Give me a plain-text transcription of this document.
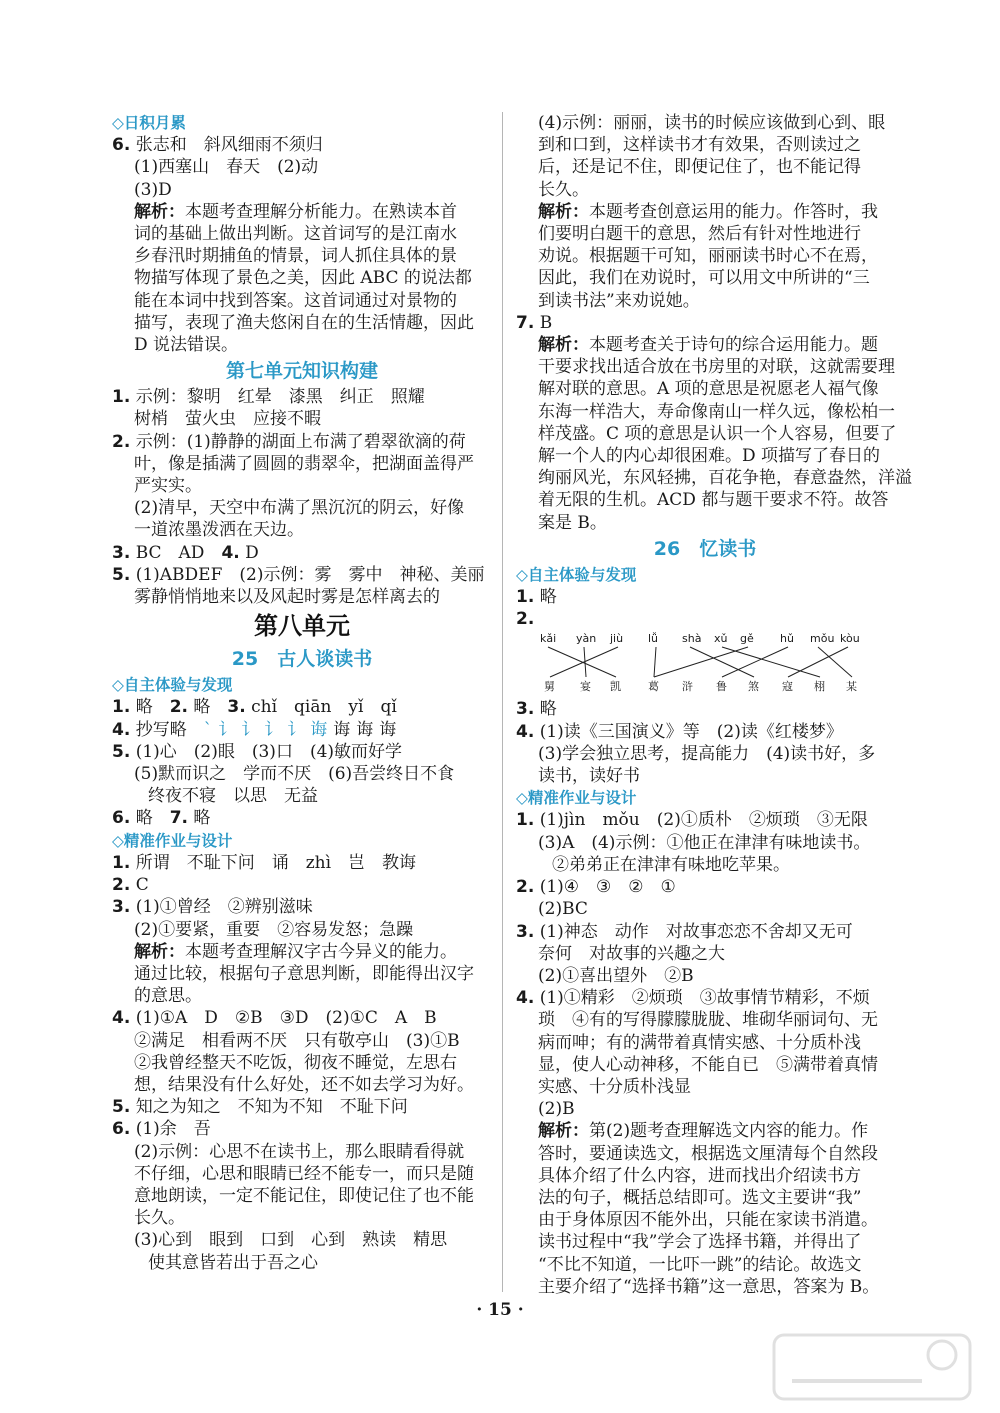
◇日积月累
6. 张志和　斜风细雨不须归
(1)西塞山　春天　(2)动
(3)D
解析：本题考查理解分析能力。在熟读本首
词的基础上做出判断。这首词写的是江南水
乡春汛时期捕鱼的情景，词人抓住具体的景
物描写体现了景色之美，因此 ABC 的说法都
能在本词中找到答案。这首词通过对景物的
描写，表现了渔夫悠闲自在的生活情趣，因此
D 说法错误。
第七单元知识构建
1. 示例：黎明　红晕　漆黑　纠正　照耀
树梢　萤火虫　应接不暇
2. 示例：(1)静静的湖面上布满了碧翠欲滴的荷
叶，像是插满了圆圆的翡翠伞，把湖面盖得严
严实实。
(2)清早，天空中布满了黑沉沉的阴云，好像
一道浓墨泼洒在天边。
3. BC　AD　 4. D
5. (1)ABDEF　(2)示例：雾　雾中　神秘、美丽
雾静悄悄地来以及风起时雾是怎样离去的
第八单元
25　古人谈读书
◇自主体验与发现
1. 略　2. 略　3. chǐ　qiān　yǐ　qǐ
4. 抄写略　 ` 讠 讠 讠 讠 诲 诲 诲 诲
5. (1)心　(2)眼　(3)口　(4)敏而好学
(5)默而识之　学而不厌　(6)吾尝终日不食
终夜不寝　以思　无益
6. 略　7. 略
◇精准作业与设计
1. 所谓　不耻下问　诵　zhì　岂　教诲
2. C
3. (1)①曾经　②辨别滋味
(2)①要紧，重要　②容易发怒；急躁
解析：本题考查理解汉字古今异义的能力。
通过比较，根据句子意思判断，即能得出汉字
的意思。
4. (1)①A　D　②B　③D　(2)①C　A　B
②满足　相看两不厌　只有敬亭山　(3)①B
②我曾经整天不吃饭，彻夜不睡觉，左思右
想，结果没有什么好处，还不如去学习为好。
5. 知之为知之　不知为不知　不耻下问
6. (1)余　吾
(2)示例：心思不在读书上，那么眼睛看得就
不仔细，心思和眼睛已经不能专一，而只是随
意地朗读，一定不能记住，即使记住了也不能
长久。
(3)心到　眼到　口到　心到　熟读　精思
使其意皆若出于吾之心
(4)示例：丽丽，读书的时候应该做到心到、眼
到和口到，这样读书才有效果，否则读过之
后，还是记不住，即便记住了，也不能记得
长久。
解析：本题考查创意运用的能力。作答时，我
们要明白题干的意思，然后有针对性地进行
劝说。根据题干可知，丽丽读书时心不在焉，
因此，我们在劝说时，可以用文中所讲的“三
到读书法”来劝说她。
7. B
解析：本题考查关于诗句的综合运用能力。题
干要求找出适合放在书房里的对联，这就需要理
解对联的意思。A 项的意思是祝愿老人福气像
东海一样浩大，寿命像南山一样久远，像松柏一
样茂盛。C 项的意思是认识一个人容易，但要了
解一个人的内心却很困难。D 项描写了春日的
绚丽风光，东风轻拂，百花争艳，春意盎然，洋溢
着无限的生机。ACD 都与题干要求不符。故答
案是 B。
26　忆读书
◇自主体验与发现
1. 略
2.
kǎi yàn jiù lǚ shà xǔ gě hǔ mǒu kòu
舅 宴 凯 葛 浒 鲁 煞 寇 栩 某
3. 略
4. (1)读《三国演义》等　(2)读《红楼梦》
(3)学会独立思考，提高能力　(4)读书好，多
读书，读好书
◇精准作业与设计
1. (1)jìn　mǒu　(2)①质朴　②烦琐　③无限
(3)A　(4)示例：①他正在津津有味地读书。
②弟弟正在津津有味地吃苹果。
2. (1)④　③　②　①
(2)BC
3. (1)神态　动作　对故事恋恋不舍却又无可
奈何　对故事的兴趣之大
(2)①喜出望外　②B
4. (1)①精彩　②烦琐　③故事情节精彩，不烦
琐　④有的写得朦朦胧胧、堆砌华丽词句、无
病而呻；有的满带着真情实感、十分质朴浅
显，使人心动神移，不能自已　⑤满带着真情
实感、十分质朴浅显
(2)B
解析：第(2)题考查理解选文内容的能力。作
答时，要通读选文，根据选文厘清每个自然段
具体介绍了什么内容，进而找出介绍读书方
法的句子，概括总结即可。选文主要讲“我”
由于身体原因不能外出，只能在家读书消遣。
读书过程中“我”学会了选择书籍，并得出了
“不比不知道，一比吓一跳”的结论。故选文
主要介绍了“选择书籍”这一意思，答案为 B。
· 15 ·
